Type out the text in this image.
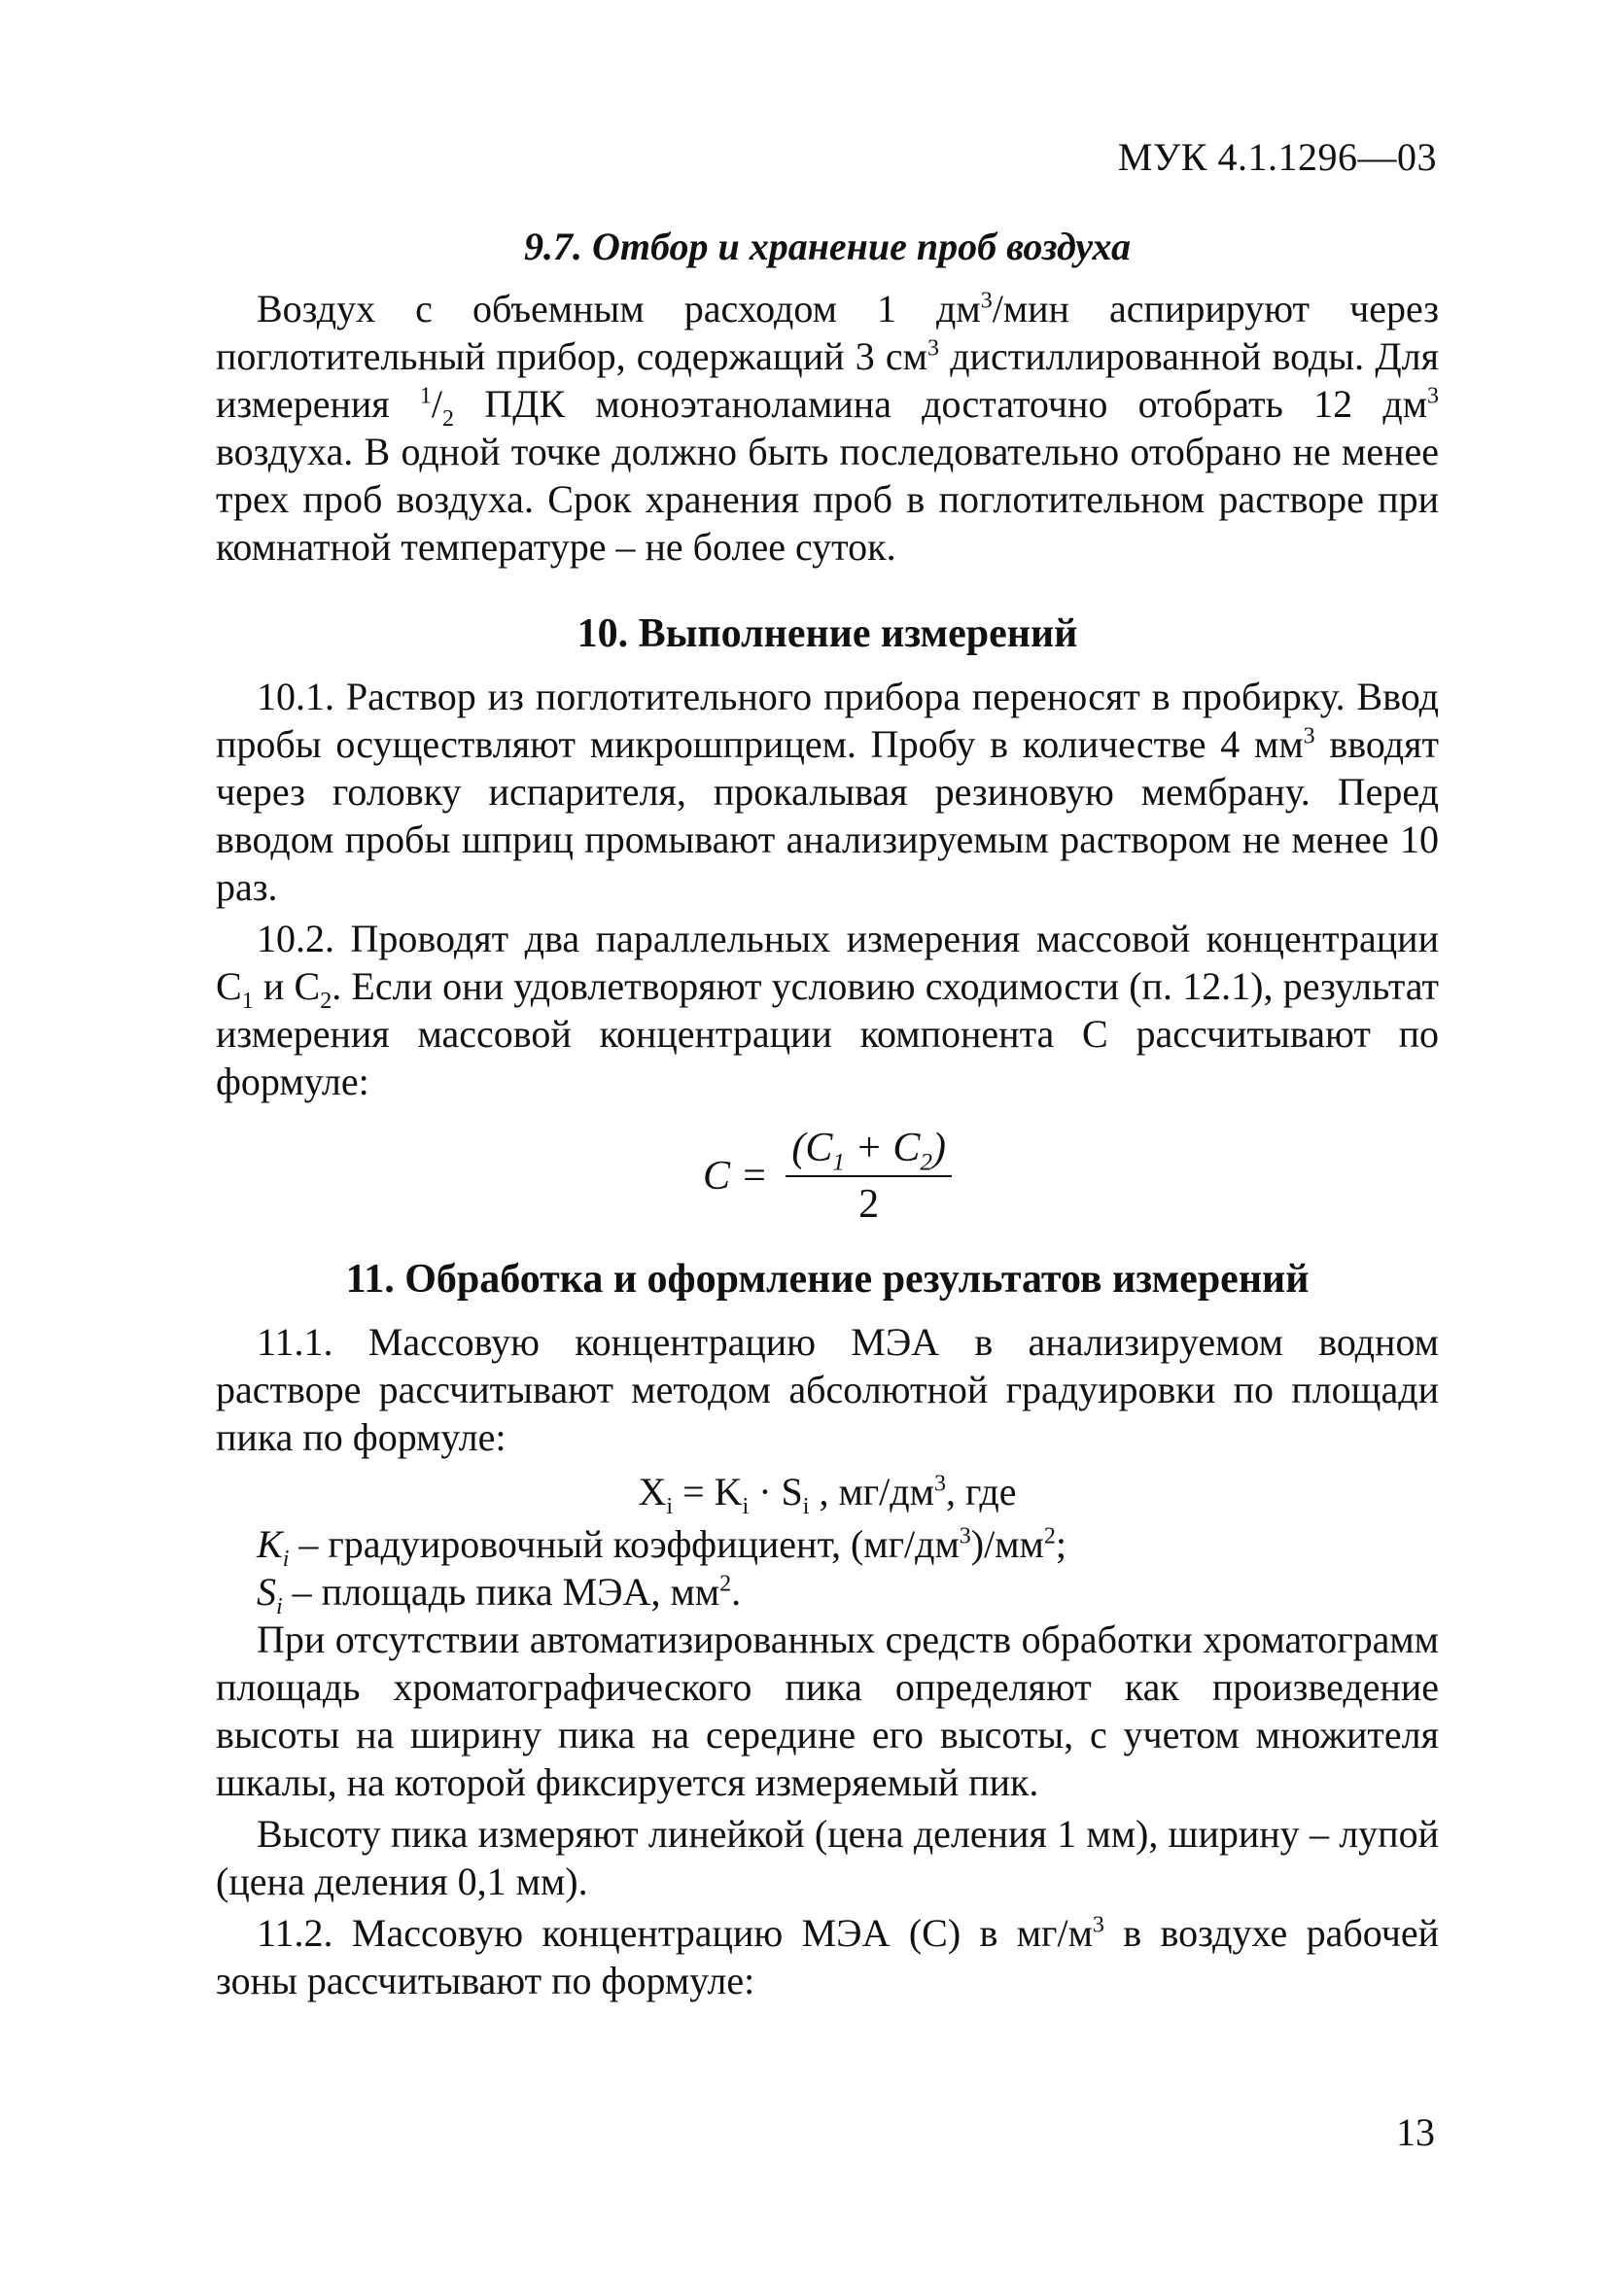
МУК 4.1.1296—03

9.7. Отбор и хранение проб воздуха

Воздух с объемным расходом 1 $дм^3$/мин аспирируют через поглотительный прибор, содержащий 3 $см^3$ дистиллированной воды. Для измерения $^1/_2$ ПДК моноэтаноламина достаточно отобрать 12 $дм^3$ воздуха. В одной точке должно быть последовательно отобрано не менее трех проб воздуха. Срок хранения проб в поглотительном растворе при комнатной температуре – не более суток.

10. Выполнение измерений

10.1. Раствор из поглотительного прибора переносят в пробирку. Ввод пробы осуществляют микрошприцем. Пробу в количестве 4 $мм^3$ вводят через головку испарителя, прокалывая резиновую мембрану. Перед вводом пробы шприц промывают анализируемым раствором не менее 10 раз.

10.2. Проводят два параллельных измерения массовой концентрации $C_1$ и $C_2$. Если они удовлетворяют условию сходимости (п. 12.1), результат измерения массовой концентрации компонента С рассчитывают по формуле:

$C = \frac{(C_1 + C_2)}{2}$

11. Обработка и оформление результатов измерений

11.1. Массовую концентрацию МЭА в анализируемом водном растворе рассчитывают методом абсолютной градуировки по площади пика по формуле:

$X_i = K_i \cdot S_i$ , $мг/дм^3$, где

$K_i$ – градуировочный коэффициент, $(мг/дм^3)/мм^2$;

$S_i$ – площадь пика МЭА, $мм^2$.

При отсутствии автоматизированных средств обработки хроматограмм площадь хроматографического пика определяют как произведение высоты на ширину пика на середине его высоты, с учетом множителя шкалы, на которой фиксируется измеряемый пик.

Высоту пика измеряют линейкой (цена деления 1 мм), ширину – лупой (цена деления 0,1 мм).

11.2. Массовую концентрацию МЭА (С) в $мг/м^3$ в воздухе рабочей зоны рассчитывают по формуле:

13
